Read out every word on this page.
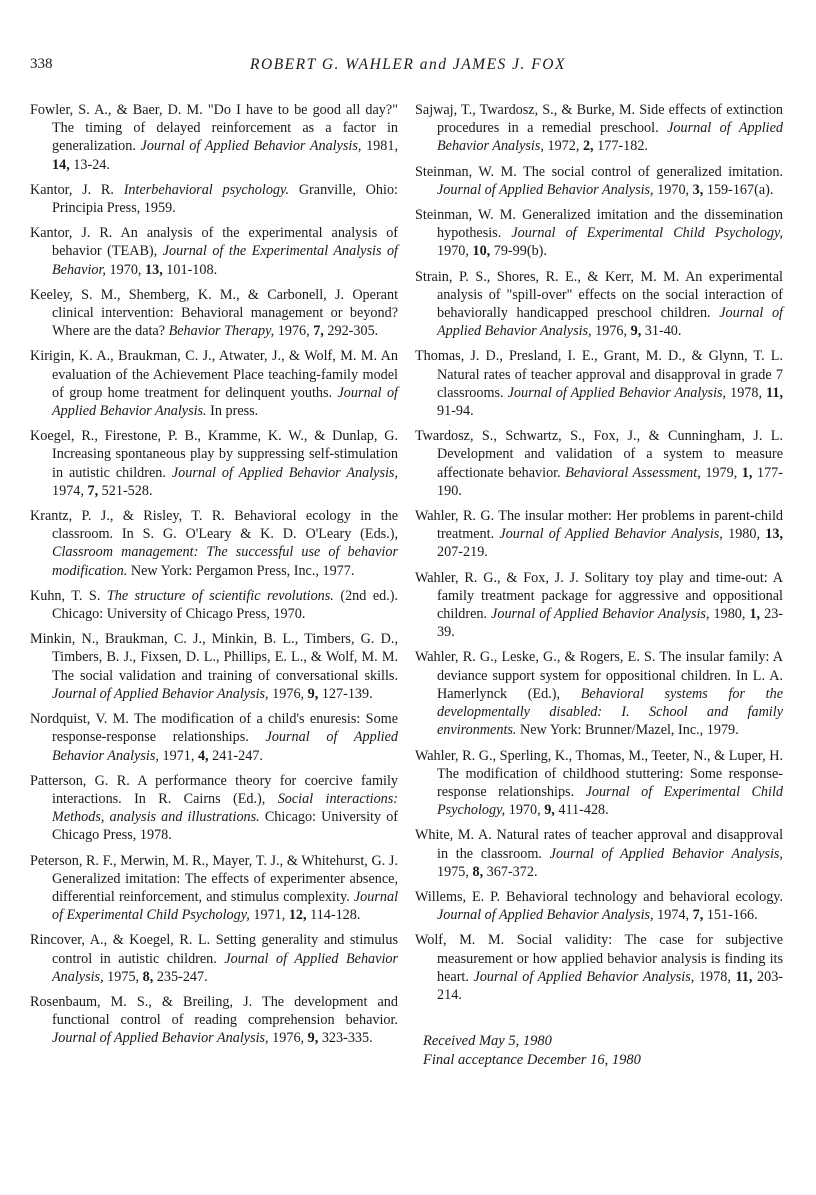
338	ROBERT G. WAHLER and JAMES J. FOX

Fowler, S. A., & Baer, D. M. "Do I have to be good all day?" The timing of delayed reinforcement as a factor in generalization. Journal of Applied Behavior Analysis, 1981, 14, 13-24.

Kantor, J. R. Interbehavioral psychology. Granville, Ohio: Principia Press, 1959.

Kantor, J. R. An analysis of the experimental analysis of behavior (TEAB), Journal of the Experimental Analysis of Behavior, 1970, 13, 101-108.

Keeley, S. M., Shemberg, K. M., & Carbonell, J. Operant clinical intervention: Behavioral management or beyond? Where are the data? Behavior Therapy, 1976, 7, 292-305.

Kirigin, K. A., Braukman, C. J., Atwater, J., & Wolf, M. M. An evaluation of the Achievement Place teaching-family model of group home treatment for delinquent youths. Journal of Applied Behavior Analysis. In press.

Koegel, R., Firestone, P. B., Kramme, K. W., & Dunlap, G. Increasing spontaneous play by suppressing self-stimulation in autistic children. Journal of Applied Behavior Analysis, 1974, 7, 521-528.

Krantz, P. J., & Risley, T. R. Behavioral ecology in the classroom. In S. G. O'Leary & K. D. O'Leary (Eds.), Classroom management: The successful use of behavior modification. New York: Pergamon Press, Inc., 1977.

Kuhn, T. S. The structure of scientific revolutions. (2nd ed.). Chicago: University of Chicago Press, 1970.

Minkin, N., Braukman, C. J., Minkin, B. L., Timbers, G. D., Timbers, B. J., Fixsen, D. L., Phillips, E. L., & Wolf, M. M. The social validation and training of conversational skills. Journal of Applied Behavior Analysis, 1976, 9, 127-139.

Nordquist, V. M. The modification of a child's enuresis: Some response-response relationships. Journal of Applied Behavior Analysis, 1971, 4, 241-247.

Patterson, G. R. A performance theory for coercive family interactions. In R. Cairns (Ed.), Social interactions: Methods, analysis and illustrations. Chicago: University of Chicago Press, 1978.

Peterson, R. F., Merwin, M. R., Mayer, T. J., & Whitehurst, G. J. Generalized imitation: The effects of experimenter absence, differential reinforcement, and stimulus complexity. Journal of Experimental Child Psychology, 1971, 12, 114-128.

Rincover, A., & Koegel, R. L. Setting generality and stimulus control in autistic children. Journal of Applied Behavior Analysis, 1975, 8, 235-247.

Rosenbaum, M. S., & Breiling, J. The development and functional control of reading comprehension behavior. Journal of Applied Behavior Analysis, 1976, 9, 323-335.

Sajwaj, T., Twardosz, S., & Burke, M. Side effects of extinction procedures in a remedial preschool. Journal of Applied Behavior Analysis, 1972, 2, 177-182.

Steinman, W. M. The social control of generalized imitation. Journal of Applied Behavior Analysis, 1970, 3, 159-167(a).

Steinman, W. M. Generalized imitation and the dissemination hypothesis. Journal of Experimental Child Psychology, 1970, 10, 79-99(b).

Strain, P. S., Shores, R. E., & Kerr, M. M. An experimental analysis of "spill-over" effects on the social interaction of behaviorally handicapped preschool children. Journal of Applied Behavior Analysis, 1976, 9, 31-40.

Thomas, J. D., Presland, I. E., Grant, M. D., & Glynn, T. L. Natural rates of teacher approval and disapproval in grade 7 classrooms. Journal of Applied Behavior Analysis, 1978, 11, 91-94.

Twardosz, S., Schwartz, S., Fox, J., & Cunningham, J. L. Development and validation of a system to measure affectionate behavior. Behavioral Assessment, 1979, 1, 177-190.

Wahler, R. G. The insular mother: Her problems in parent-child treatment. Journal of Applied Behavior Analysis, 1980, 13, 207-219.

Wahler, R. G., & Fox, J. J. Solitary toy play and time-out: A family treatment package for aggressive and oppositional children. Journal of Applied Behavior Analysis, 1980, 1, 23-39.

Wahler, R. G., Leske, G., & Rogers, E. S. The insular family: A deviance support system for oppositional children. In L. A. Hamerlynck (Ed.), Behavioral systems for the developmentally disabled: I. School and family environments. New York: Brunner/Mazel, Inc., 1979.

Wahler, R. G., Sperling, K., Thomas, M., Teeter, N., & Luper, H. The modification of childhood stuttering: Some response-response relationships. Journal of Experimental Child Psychology, 1970, 9, 411-428.

White, M. A. Natural rates of teacher approval and disapproval in the classroom. Journal of Applied Behavior Analysis, 1975, 8, 367-372.

Willems, E. P. Behavioral technology and behavioral ecology. Journal of Applied Behavior Analysis, 1974, 7, 151-166.

Wolf, M. M. Social validity: The case for subjective measurement or how applied behavior analysis is finding its heart. Journal of Applied Behavior Analysis, 1978, 11, 203-214.

Received May 5, 1980
Final acceptance December 16, 1980
